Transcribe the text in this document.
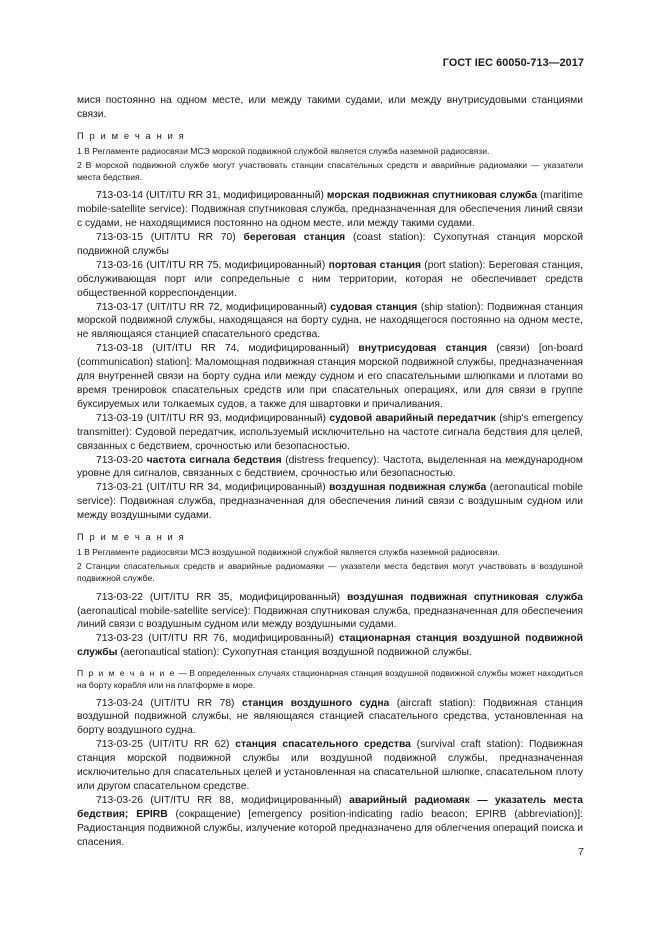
ГОСТ IEC 60050-713—2017

мися постоянно на одном месте, или между такими судами, или между внутрисудовыми станциями связи.

П р и м е ч а н и я

1 В Регламенте радиосвязи МСЭ морской подвижной службой является служба наземной радиосвязи.

2 В морской подвижной службе могут участвовать станции спасательных средств и аварийные радиомаяки — указатели места бедствия.

713-03-14 (UIT/ITU RR 31, модифицированный) морская подвижная спутниковая служба (maritime mobile-satellite service): Подвижная спутниковая служба, предназначенная для обеспечения линий связи с судами, не находящимися постоянно на одном месте, или между такими судами.

713-03-15 (UIT/ITU RR 70) береговая станция (coast station): Сухопутная станция морской подвижной службы

713-03-16 (UIT/ITU RR 75, модифицированный) портовая станция (port station): Береговая станция, обслуживающая порт или сопредельные с ним территории, которая не обеспечивает средств общественной корреспонденции.

713-03-17 (UIT/ITU RR 72, модифицированный) судовая станция (ship station): Подвижная станция морской подвижной службы, находящаяся на борту судна, не находящегося постоянно на одном месте, не являющаяся станцией спасательного средства.

713-03-18 (UIT/ITU RR 74, модифицированный) внутрисудовая станция (связи) [on-board (communication) station]: Маломощная подвижная станция морской подвижной службы, предназначенная для внутренней связи на борту судна или между судном и его спасательными шлюпками и плотами во время тренировок спасательных средств или при спасательных операциях, или для связи в группе буксируемых или толкаемых судов, а также для швартовки и причаливания.

713-03-19 (UIT/ITU RR 93, модифицированный) судовой аварийный передатчик (ship's emergency transmitter): Судовой передатчик, используемый исключительно на частоте сигнала бедствия для целей, связанных с бедствием, срочностью или безопасностью.

713-03-20 частота сигнала бедствия (distress frequency): Частота, выделенная на международном уровне для сигналов, связанных с бедствием, срочностью или безопасностью.

713-03-21 (UIT/ITU RR 34, модифицированный) воздушная подвижная служба (aeronautical mobile service): Подвижная служба, предназначенная для обеспечения линий связи с воздушным судном или между воздушными судами.

П р и м е ч а н и я

1 В Регламенте радиосвязи МСЭ воздушной подвижной службой является служба наземной радиосвязи.

2 Станции спасательных средств и аварийные радиомаяки — указатели места бедствия могут участвовать в воздушной подвижной службе.

713-03-22 (UIT/ITU RR 35, модифицированный) воздушная подвижная спутниковая служба (aeronautical mobile-satellite service): Подвижная спутниковая служба, предназначенная для обеспечения линий связи с воздушным судном или между воздушными судами.

713-03-23 (UIT/ITU RR 76, модифицированный) стационарная станция воздушной подвижной службы (aeronautical station): Сухопутная станция воздушной подвижной службы.

П р и м е ч а н и е — В определенных случаях стационарная станция воздушной подвижной службы может находиться на борту корабля или на платформе в море.

713-03-24 (UIT/ITU RR 78) станция воздушного судна (aircraft station): Подвижная станция воздушной подвижной службы, не являющаяся станцией спасательного средства, установленная на борту воздушного судна.

713-03-25 (UIT/ITU RR 62) станция спасательного средства (survival craft station): Подвижная станция морской подвижной службы или воздушной подвижной службы, предназначенная исключительно для спасательных целей и установленная на спасательной шлюпке, спасательном плоту или другом спасательном средстве.

713-03-26 (UIT/ITU RR 88, модифицированный) аварийный радиомаяк — указатель места бедствия; EPIRB (сокращение) [emergency position-indicating radio beacon; EPIRB (abbreviation)]: Радиостанция подвижной службы, излучение которой предназначено для облегчения операций поиска и спасения.

7
